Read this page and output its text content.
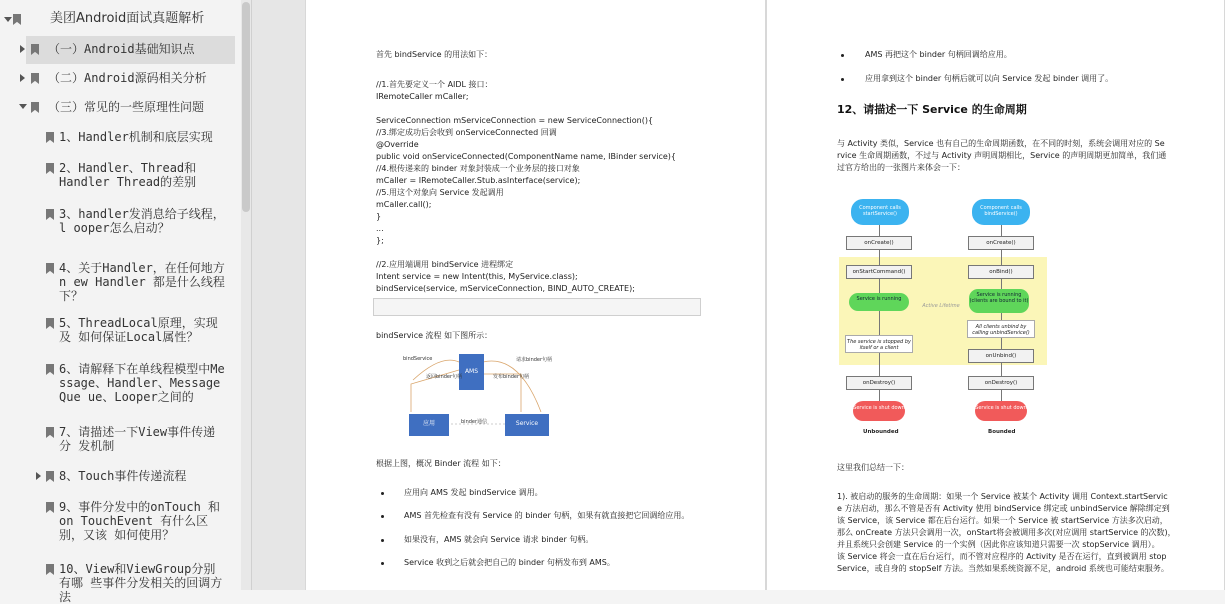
美团Android面试真题解析
（一）Android基础知识点
（二）Android源码相关分析
（三）常见的一些原理性问题
1、Handler机制和底层实现
2、Handler、Thread和Handler Thread的差别
3、handler发消息给子线程，l ooper怎么启动？
4、关于Handler，在任何地方n ew Handler 都是什么线程下？
5、ThreadLocal原理，实现及 如何保证Local属性？
6、请解释下在单线程模型中Me ssage、Handler、Message Que ue、Looper之间的
7、请描述一下View事件传递分 发机制
8、Touch事件传递流程
9、事件分发中的onTouch 和on TouchEvent 有什么区别，又该 如何使用？
10、View和ViewGroup分别有哪 些事件分发相关的回调方法
首先 bindService 的用法如下：
bindService 流程 如下图所示：
AMS
应用	Service
bindService
返回binder句柄
请求binder句柄
发布binder句柄
binder通信
根据上图，概况 Binder 流程 如下：
应用向 AMS 发起 bindService 调用。
AMS 首先检查有没有 Service 的 binder 句柄，如果有就直接把它回调给应用。
如果没有，AMS 就会向 Service 请求 binder 句柄。
Service 收到之后就会把自己的 binder 句柄发布到 AMS。
//1.首先要定义一个 AIDL 接口：
IRemoteCaller mCaller;
ServiceConnection mServiceConnection = new ServiceConnection(){
//3.绑定成功后会收到 onServiceConnected 回调
@Override
public void onServiceConnected(ComponentName name, IBinder service){
//4.根传递来的 binder 对象封装成一个业务层的接口对象
mCaller = IRemoteCaller.Stub.asInterface(service);
//5.用这个对象向 Service 发起调用
mCaller.call();
}
...
};
//2.应用端调用 bindService 进程绑定
Intent service = new Intent(this, MyService.class);
bindService(service, mServiceConnection, BIND_AUTO_CREATE);
AMS 再把这个 binder 句柄回调给应用。
应用拿到这个 binder 句柄后就可以向 Service 发起 binder 调用了。
12、请描述一下 Service 的生命周期
与 Activity 类似，Service 也有自己的生命周期函数，在不同的时刻，系统会调用对应的 Se
rvice 生命周期函数，不过与 Activity 声明周期相比，Service 的声明周期更加简单，我们通
过官方给出的一张图片来体会一下：
Component calls startService()
Component calls bindService()
onCreate()	onCreate()
onStartCommand()	onBind()
Service is running
Service is running (clients are bound to it)
Active Lifetime
The service is stopped by itself or a client
All clients unbind by calling unbindService()
onUnbind()
onDestroy()	onDestroy()
Service is shut down	Service is shut down
Unbounded	Bounded
这里我们总结一下：
1). 被启动的服务的生命周期：如果一个 Service 被某个 Activity 调用 Context.startServic
e 方法启动，那么不管是否有 Activity 使用 bindService 绑定或 unbindService 解除绑定到
该 Service，该 Service 都在后台运行。如果一个 Service 被 startService 方法多次启动，
那么 onCreate 方法只会调用一次，onStart将会被调用多次(对应调用 startService 的次数)，
并且系统只会创建 Service 的一个实例（因此你应该知道只需要一次 stopService 调用）。
该 Service 将会一直在后台运行，而不管对应程序的 Activity 是否在运行，直到被调用 stop
Service，或自身的 stopSelf 方法。当然如果系统资源不足，android 系统也可能结束服务。
